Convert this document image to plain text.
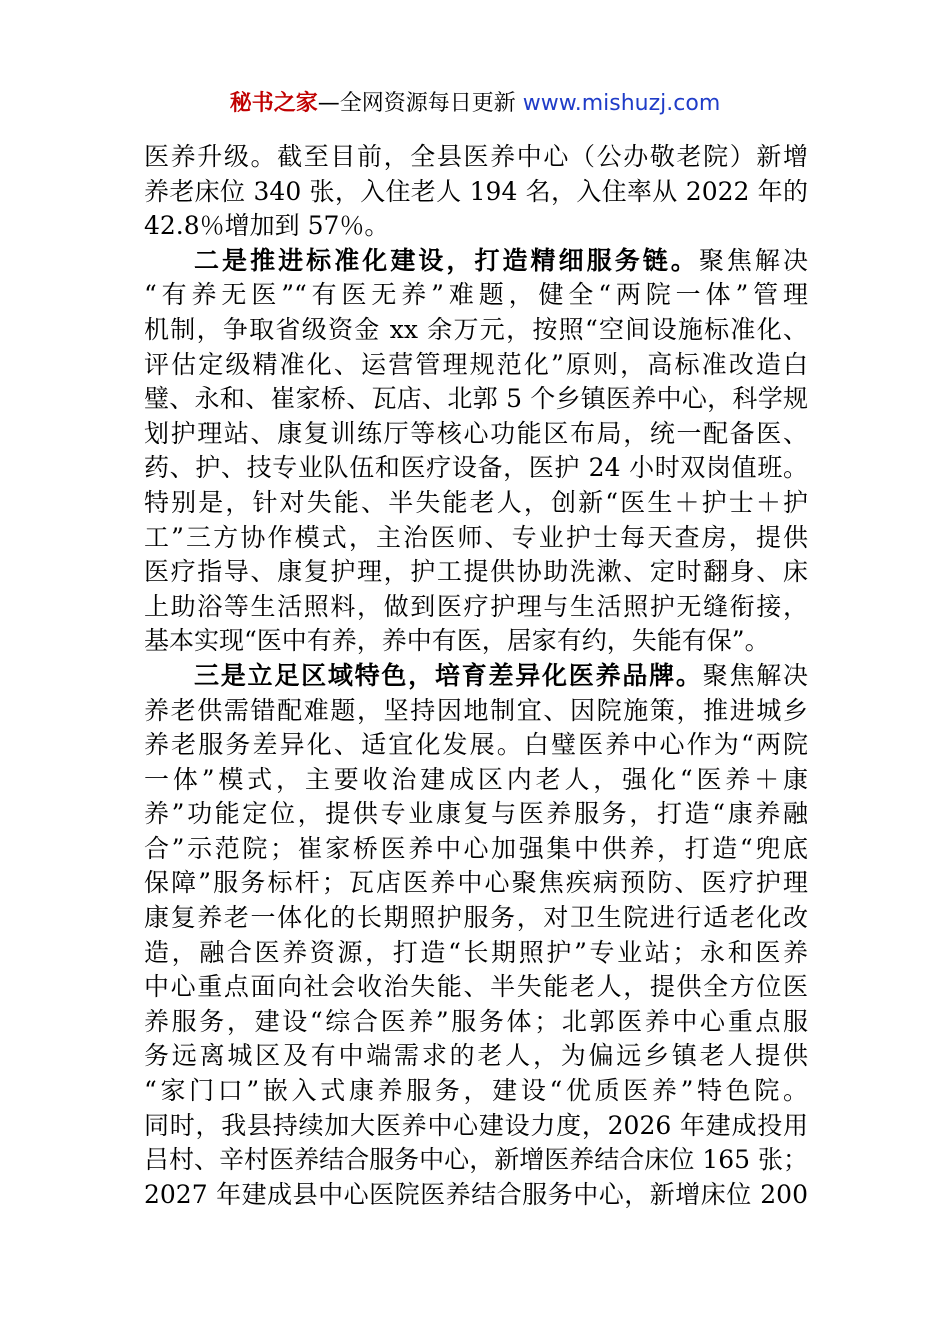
秘书之家—全网资源每日更新 www.mishuzj.com
医养升级。截至目前，全县医养中心（公办敬老院）新增
养老床位 340 张，入住老人 194 名，入住率从 2022 年的
42.8％增加到 57％。
二是推进标准化建设，打造精细服务链。聚焦解决
“有养无医”“有医无养”难题，健全“两院一体”管理
机制，争取省级资金 xx 余万元，按照“空间设施标准化、
评估定级精准化、运营管理规范化”原则，高标准改造白
璧、永和、崔家桥、瓦店、北郭 5 个乡镇医养中心，科学规
划护理站、康复训练厅等核心功能区布局，统一配备医、
药、护、技专业队伍和医疗设备，医护 24 小时双岗值班。
特别是，针对失能、半失能老人，创新“医生＋护士＋护
工”三方协作模式，主治医师、专业护士每天查房，提供
医疗指导、康复护理，护工提供协助洗漱、定时翻身、床
上助浴等生活照料，做到医疗护理与生活照护无缝衔接，
基本实现“医中有养，养中有医，居家有约，失能有保”。
三是立足区域特色，培育差异化医养品牌。聚焦解决
养老供需错配难题，坚持因地制宜、因院施策，推进城乡
养老服务差异化、适宜化发展。白璧医养中心作为“两院
一体”模式，主要收治建成区内老人，强化“医养＋康
养”功能定位，提供专业康复与医养服务，打造“康养融
合”示范院；崔家桥医养中心加强集中供养，打造“兜底
保障”服务标杆；瓦店医养中心聚焦疾病预防、医疗护理
康复养老一体化的长期照护服务，对卫生院进行适老化改
造，融合医养资源，打造“长期照护”专业站；永和医养
中心重点面向社会收治失能、半失能老人，提供全方位医
养服务，建设“综合医养”服务体；北郭医养中心重点服
务远离城区及有中端需求的老人，为偏远乡镇老人提供
“家门口”嵌入式康养服务，建设“优质医养”特色院。
同时，我县持续加大医养中心建设力度，2026 年建成投用
吕村、辛村医养结合服务中心，新增医养结合床位 165 张；
2027 年建成县中心医院医养结合服务中心，新增床位 200
